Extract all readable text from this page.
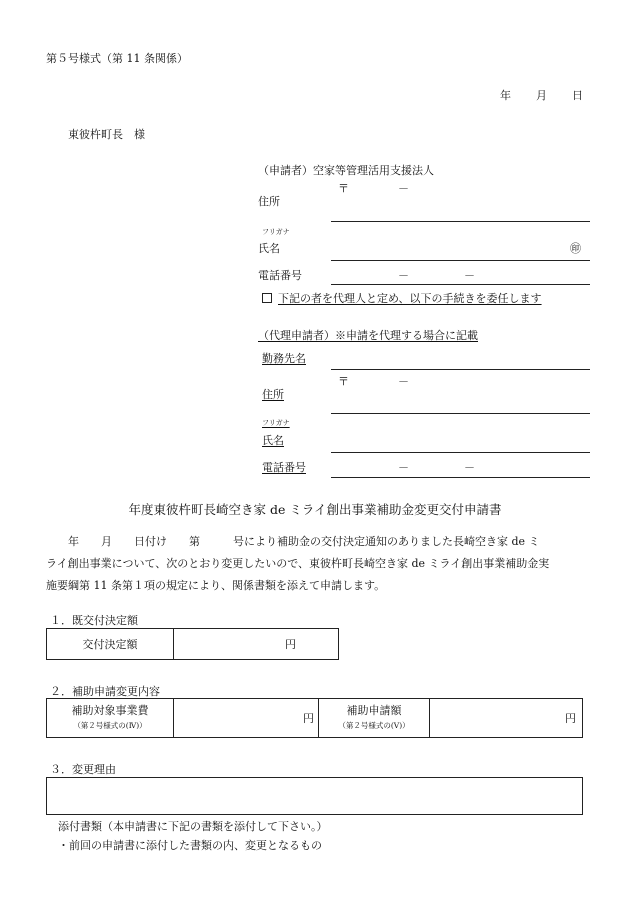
第５号様式（第 11 条関係）
年 月 日
東彼杵町長　様
（申請者）空家等管理活用支援法人
〒	－
住所
フリガナ
氏名	㊞
電話番号	－	－
下記の者を代理人と定め、以下の手続きを委任します
（代理申請者）※申請を代理する場合に記載
勤務先名
〒	－
住所
フリガナ
氏名
電話番号	－	－
年度東彼杵町長崎空き家 de ミライ創出事業補助金変更交付申請書
　　年　　月　　日付け　　第　　　号により補助金の交付決定通知のありました長崎空き家 de ミ
ライ創出事業について、次のとおり変更したいので、東彼杵町長崎空き家 de ミライ創出事業補助金実
施要綱第 11 条第１項の規定により、関係書類を添えて申請します。
１．既交付決定額
交付決定額	円
２．補助申請変更内容
補助対象事業費
（第２号様式の(Ⅳ)）
	円	補助申請額
（第２号様式の(Ⅴ)）
	円
３．変更理由
添付書類（本申請書に下記の書類を添付して下さい。）
・前回の申請書に添付した書類の内、変更となるもの
